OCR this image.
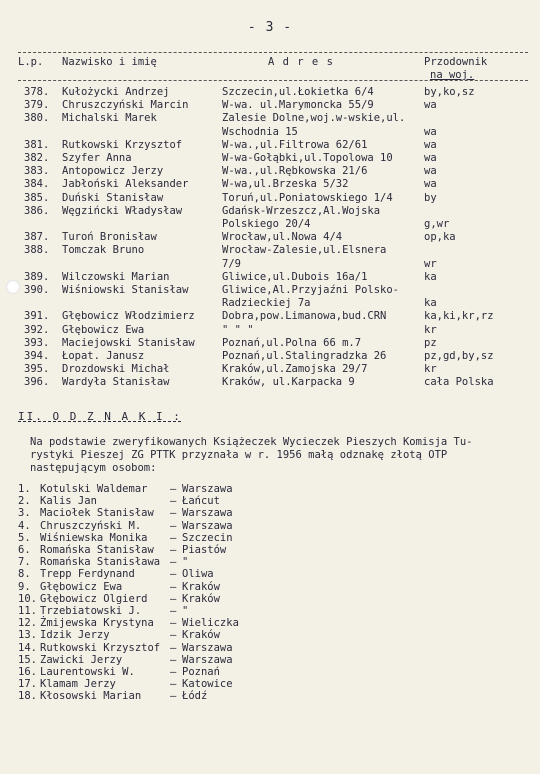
- 3 -
L.p. Nazwisko i imię	A d r e s	Przodownik
na woj.
378. Kułożycki Andrzej	Szczecin,ul.Łokietka 6/4	by,ko,sz
379. Chruszczyński Marcin	W-wa. ul.Marymoncka 55/9	wa
380. Michalski Marek	Zalesie Dolne,woj.w-wskie,ul.
Wschodnia 15	wa
381. Rutkowski Krzysztof	W-wa.,ul.Filtrowa 62/61	wa
382. Szyfer Anna	W-wa-Gołąbki,ul.Topolowa 10	wa
383. Antopowicz Jerzy	W-wa.,ul.Rębkowska 21/6	wa
384. Jabłoński Aleksander	W-wa,ul.Brzeska 5/32	wa
385. Duński Stanisław	Toruń,ul.Poniatowskiego 1/4	by
386. Węgzińcki Władysław	Gdańsk-Wrzeszcz,Al.Wojska
Polskiego 20/4	g,wr
387. Turoń Bronisław	Wrocław,ul.Nowa 4/4	op,ka
388. Tomczak Bruno	Wrocław-Zalesie,ul.Elsnera
7/9	wr
389. Wilczowski Marian	Gliwice,ul.Dubois 16a/1	ka
390. Wiśniowski Stanisław	Gliwice,Al.Przyjaźni Polsko-
Radzieckiej 7a	ka
391. Głębowicz Włodzimierz	Dobra,pow.Limanowa,bud.CRN	ka,ki,kr,rz
392. Głębowicz Ewa	" " "	kr
393. Maciejowski Stanisław	Poznań,ul.Polna 66 m.7	pz
394. Łopat. Janusz	Poznań,ul.Stalingradzka 26	pz,gd,by,sz
395. Drozdowski Michał	Kraków,ul.Zamojska 29/7	kr
396. Wardyła Stanisław	Kraków, ul.Karpacka 9	cała Polska
II. O D Z N A K I :

Na podstawie zweryfikowanych Książeczek Wycieczek Pieszych Komisja Tu-

rystyki Pieszej ZG PTTK przyznała w r. 1956 małą odznakę złotą OTP

następującym osobom:

1. Kotulski Waldemar – Warszawa
2. Kalis Jan	– Łańcut
3. Maciołek Stanisław – Warszawa
4. Chruszczyński M.	– Warszawa
5. Wiśniewska Monika – Szczecin
6. Romańska Stanisław – Piastów
7. Romańska Stanisława – "
8. Trepp Ferdynand	– Oliwa
9. Głębowicz Ewa	– Kraków
10. Głębowicz Olgierd – Kraków
11. Trzebiatowski J.	– "
12. Żmijewska Krystyna – Wieliczka
13. Idzik Jerzy	– Kraków
14. Rutkowski Krzysztof – Warszawa
15. Zawicki Jerzy	– Warszawa
16. Laurentowski W.	– Poznań
17. Klamam Jerzy	– Katowice
18. Kłosowski Marian	– Łódź
